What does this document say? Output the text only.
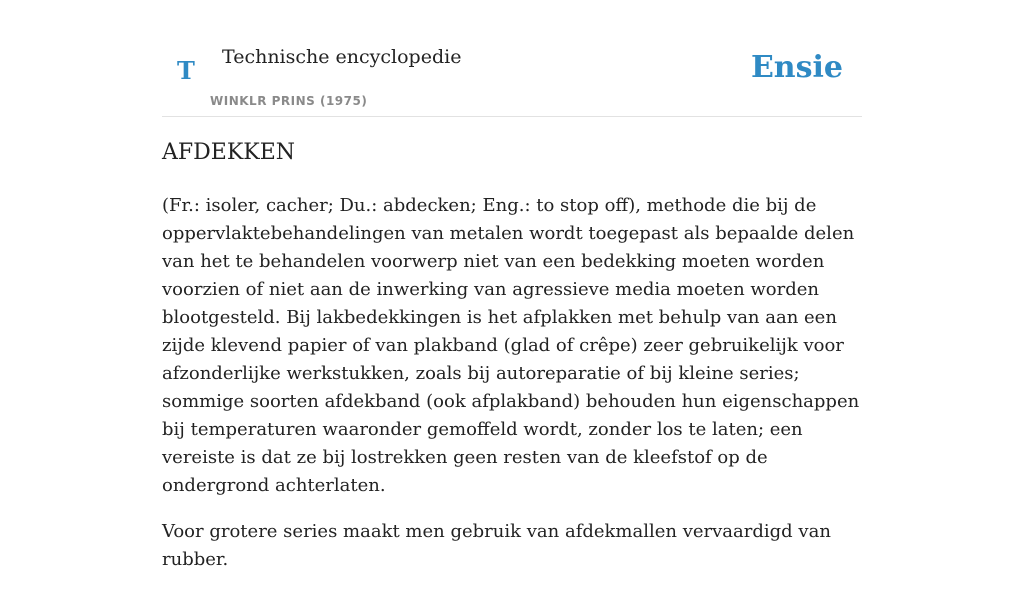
T Technische encyclopedie
WINKLR PRINS (1975)
Ensie
AFDEKKEN

(Fr.: isoler, cacher; Du.: abdecken; Eng.: to stop off), methode die bij de oppervlaktebehandelingen van metalen wordt toegepast als bepaalde delen van het te behandelen voorwerp niet van een bedekking moeten worden voorzien of niet aan de inwerking van agressieve media moeten worden blootgesteld. Bij lakbedekkingen is het afplakken met behulp van aan een zijde klevend papier of van plakband (glad of crêpe) zeer gebruikelijk voor afzonderlijke werkstukken, zoals bij autoreparatie of bij kleine series; sommige soorten afdekband (ook afplakband) behouden hun eigenschappen bij temperaturen waaronder gemoffeld wordt, zonder los te laten; een vereiste is dat ze bij lostrekken geen resten van de kleefstof op de ondergrond achterlaten.

Voor grotere series maakt men gebruik van afdekmallen vervaardigd van rubber.
